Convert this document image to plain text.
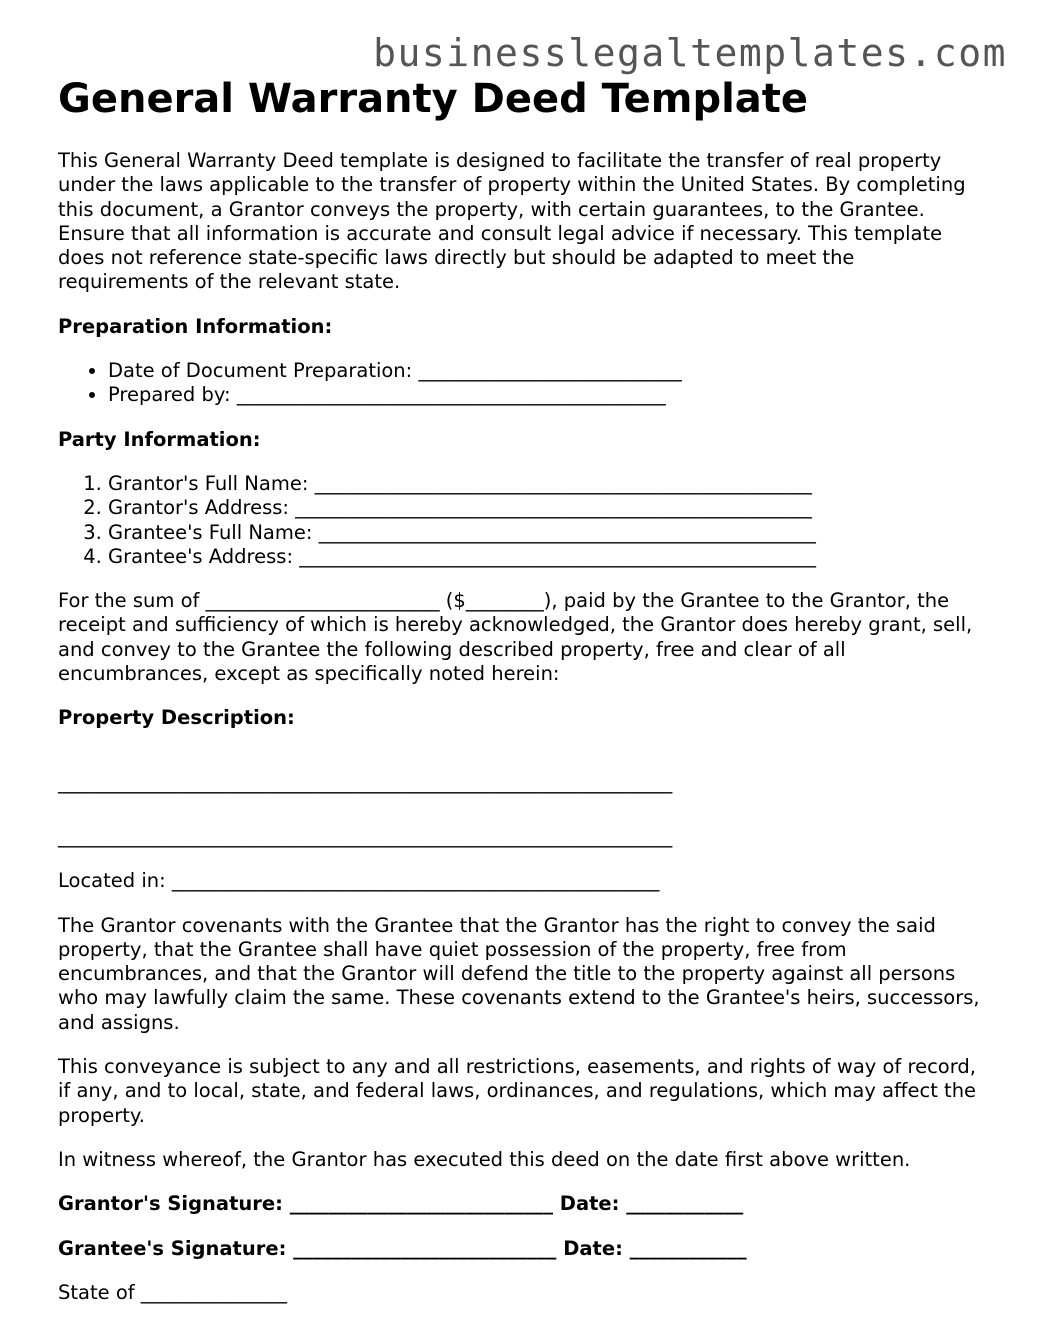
businesslegaltemplates.com
General Warranty Deed Template

This General Warranty Deed template is designed to facilitate the transfer of real property under the laws applicable to the transfer of property within the United States. By completing this document, a Grantor conveys the property, with certain guarantees, to the Grantee. Ensure that all information is accurate and consult legal advice if necessary. This template does not reference state-specific laws directly but should be adapted to meet the requirements of the relevant state.

Preparation Information:
• Date of Document Preparation: ___________________________
• Prepared by: ____________________________________________
Party Information:
1. Grantor's Full Name: ___________________________________________________
2. Grantor's Address: _____________________________________________________
3. Grantee's Full Name: ___________________________________________________
4. Grantee's Address: _____________________________________________________

For the sum of ________________________ ($________), paid by the Grantee to the Grantor, the receipt and sufficiency of which is hereby acknowledged, the Grantor does hereby grant, sell, and convey to the Grantee the following described property, free and clear of all encumbrances, except as specifically noted herein:

Property Description:
_______________________________________________________________
_______________________________________________________________

Located in: __________________________________________________

The Grantor covenants with the Grantee that the Grantor has the right to convey the said property, that the Grantee shall have quiet possession of the property, free from encumbrances, and that the Grantor will defend the title to the property against all persons who may lawfully claim the same. These covenants extend to the Grantee's heirs, successors, and assigns.

This conveyance is subject to any and all restrictions, easements, and rights of way of record, if any, and to local, state, and federal laws, ordinances, and regulations, which may affect the property.

In witness whereof, the Grantor has executed this deed on the date first above written.

Grantor's Signature: ___________________________ Date: ____________
Grantee's Signature: ___________________________ Date: ____________

State of _______________
